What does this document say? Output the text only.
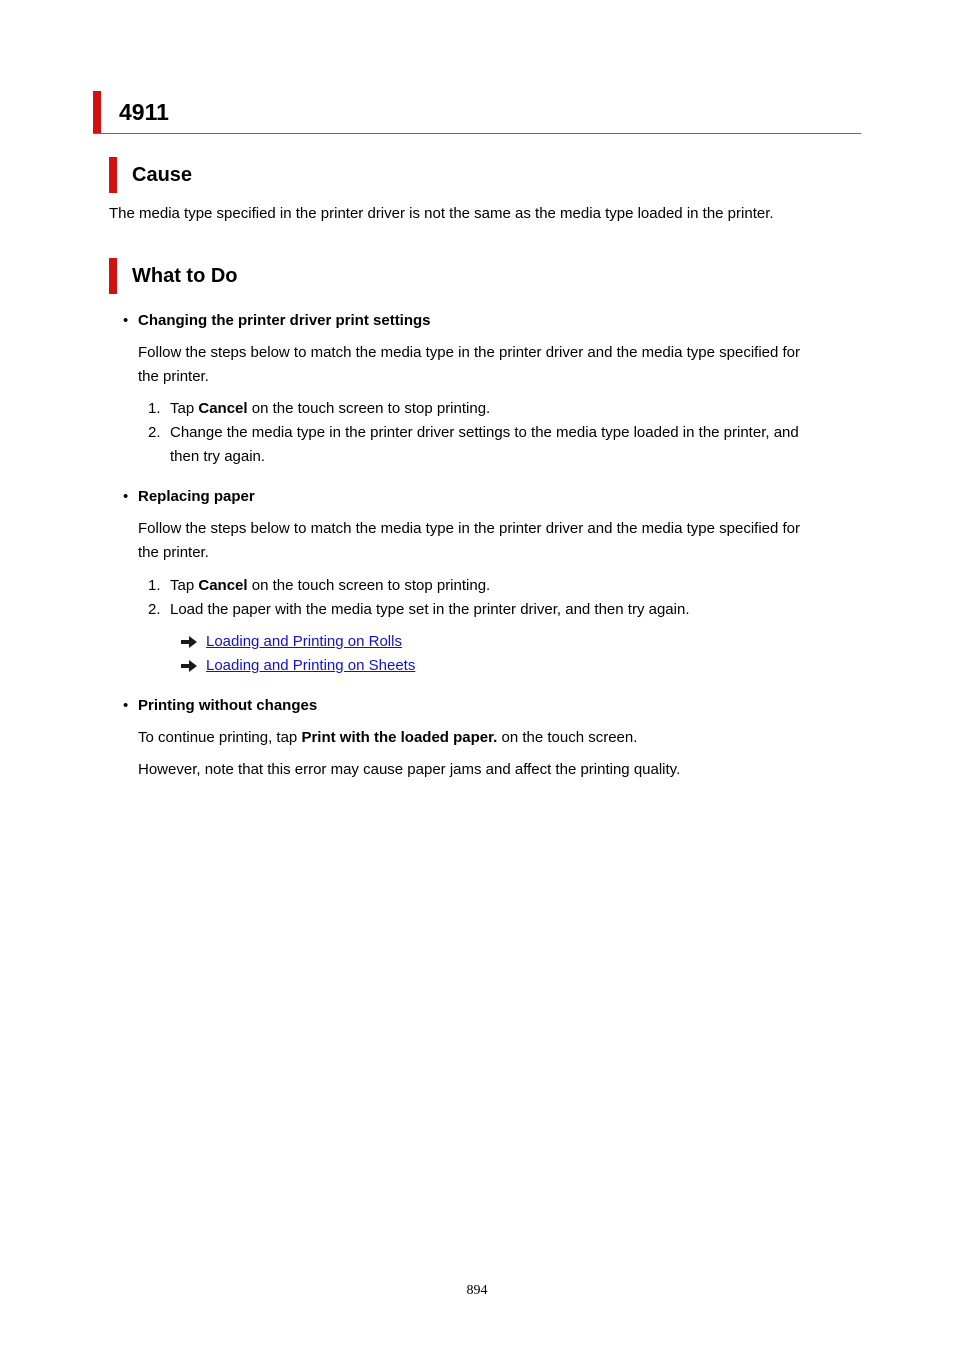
4911
Cause
The media type specified in the printer driver is not the same as the media type loaded in the printer.
What to Do
• Changing the printer driver print settings
Follow the steps below to match the media type in the printer driver and the media type specified for
the printer.
1. Tap Cancel on the touch screen to stop printing.
2. Change the media type in the printer driver settings to the media type loaded in the printer, and
then try again.
• Replacing paper
Follow the steps below to match the media type in the printer driver and the media type specified for
the printer.
1. Tap Cancel on the touch screen to stop printing.
2. Load the paper with the media type set in the printer driver, and then try again.
Loading and Printing on Rolls
Loading and Printing on Sheets
• Printing without changes
To continue printing, tap Print with the loaded paper. on the touch screen.
However, note that this error may cause paper jams and affect the printing quality.
894
